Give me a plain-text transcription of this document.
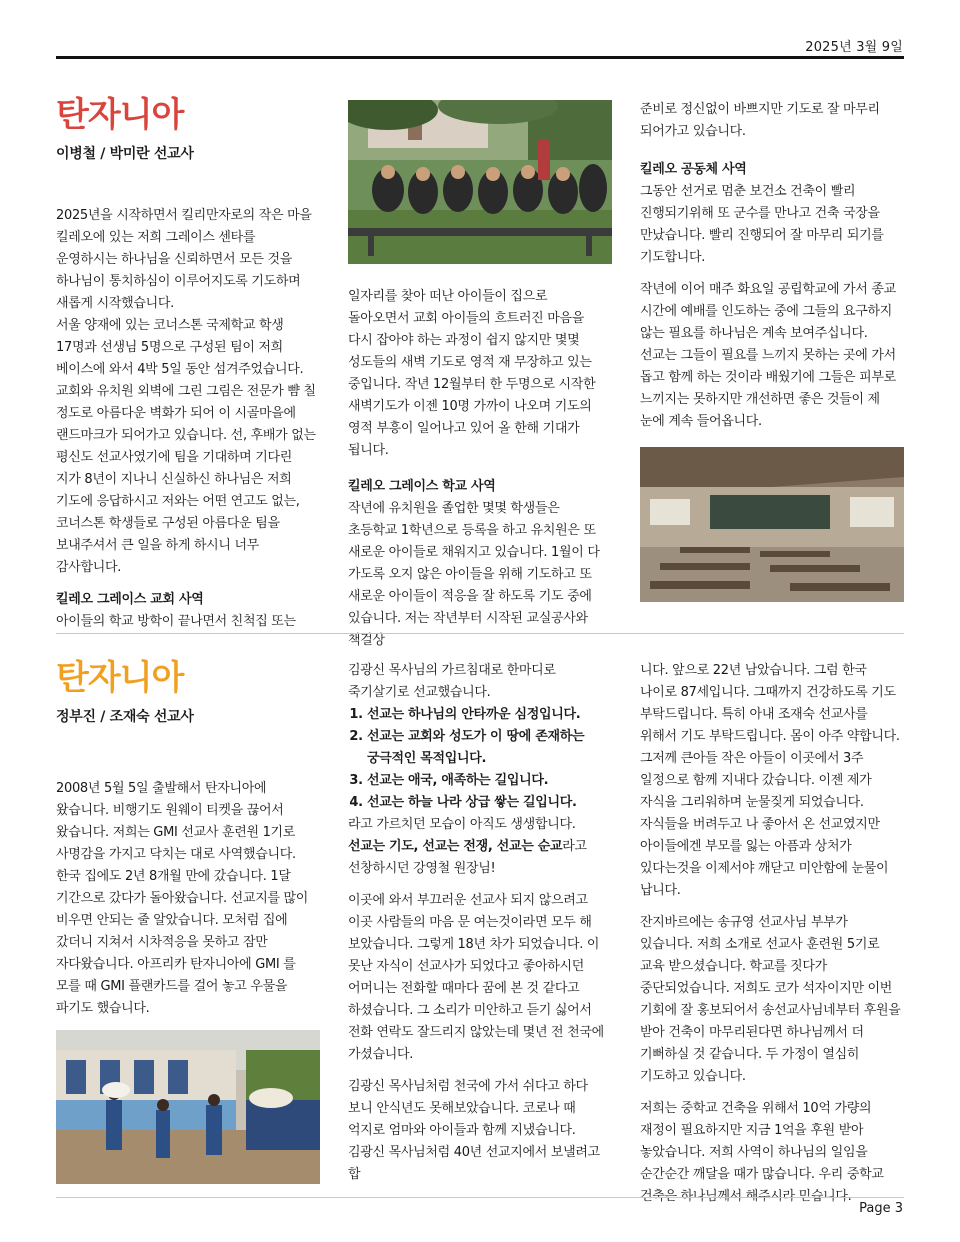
2025년 3월 9일
탄자니아
이병철 / 박미란 선교사

2025년을 시작하면서 킬리만자로의 작은 마을 킬레오에 있는 저희 그레이스 센타를 운영하시는 하나님을 신뢰하면서 모든 것을 하나님이 통치하심이 이루어지도록 기도하며 새롭게 시작했습니다.

서울 양재에 있는 코너스톤 국제학교 학생 17명과 선생님 5명으로 구성된 팀이 저희 베이스에 와서 4박 5일 동안 섬겨주었습니다. 교회와 유치원 외벽에 그린 그림은 전문가 뺨 칠 정도로 아름다운 벽화가 되어 이 시골마을에 랜드마크가 되어가고 있습니다. 선, 후배가 없는 평신도 선교사였기에 팀을 기대하며 기다린 지가 8년이 지나니 신실하신 하나님은 저희 기도에 응답하시고 저와는 어떤 연고도 없는, 코너스톤 학생들로 구성된 아름다운 팀을 보내주셔서 큰 일을 하게 하시니 너무 감사합니다.

킬레오 그레이스 교회 사역

아이들의 학교 방학이 끝나면서 친척집 또는

일자리를 찾아 떠난 아이들이 집으로 돌아오면서 교회 아이들의 흐트러진 마음을 다시 잡아야 하는 과정이 쉽지 않지만 몇몇 성도들의 새벽 기도로 영적 재 무장하고 있는 중입니다. 작년 12월부터 한 두명으로 시작한 새벽기도가 이젠 10명 가까이 나오며 기도의 영적 부흥이 일어나고 있어 올 한해 기대가 됩니다.

킬레오 그레이스 학교 사역

작년에 유치원을 졸업한 몇몇 학생들은 초등학교 1학년으로 등록을 하고 유치원은 또 새로운 아이들로 채워지고 있습니다. 1월이 다 가도록 오지 않은 아이들을 위해 기도하고 또 새로운 아이들이 적응을 잘 하도록 기도 중에 있습니다. 저는 작년부터 시작된 교실공사와 책걸상

준비로 정신없이 바쁘지만 기도로 잘 마무리 되어가고 있습니다.

킬레오 공동체 사역

그동안 선거로 멈춘 보건소 건축이 빨리 진행되기위해 또 군수를 만나고 건축 국장을 만났습니다. 빨리 진행되어 잘 마무리 되기를 기도합니다.

작년에 이어 매주 화요일 공립학교에 가서 종교 시간에 예배를 인도하는 중에 그들의 요구하지 않는 필요를 하나님은 계속 보여주십니다. 선교는 그들이 필요를 느끼지 못하는 곳에 가서 돕고 함께 하는 것이라 배웠기에 그들은 피부로 느끼지는 못하지만 개선하면 좋은 것들이 제 눈에 계속 들어옵니다.

탄자니아
정부진 / 조재숙 선교사

2008년 5월 5일 출발해서 탄자니아에 왔습니다. 비행기도 원웨이 티켓을 끊어서 왔습니다. 저희는 GMI 선교사 훈련원 1기로 사명감을 가지고 닥치는 대로 사역했습니다. 한국 집에도 2년 8개월 만에 갔습니다. 1달 기간으로 갔다가 돌아왔습니다. 선교지를 많이 비우면 안되는 줄 알았습니다. 모처럼 집에 갔더니 지쳐서 시차적응을 못하고 잠만 자다왔습니다. 아프리카 탄자니아에 GMI 를 모를 때 GMI 플랜카드를 걸어 놓고 우물을 파기도 했습니다.

김광신 목사님의 가르침대로 한마디로 죽기살기로 선교했습니다.

1. 선교는 하나님의 안타까운 심정입니다.
2. 선교는 교회와 성도가 이 땅에 존재하는 궁극적인 목적입니다.
3. 선교는 애국, 애족하는 길입니다.
4. 선교는 하늘 나라 상급 쌓는 길입니다.

라고 가르치던 모습이 아직도 생생합니다.

선교는 기도, 선교는 전쟁, 선교는 순교라고 선창하시던 강영철 원장님!

이곳에 와서 부끄러운 선교사 되지 않으려고 이곳 사람들의 마음 문 여는것이라면 모두 해 보았습니다. 그렇게 18년 차가 되었습니다. 이 못난 자식이 선교사가 되었다고 좋아하시던 어머니는 전화할 때마다 꿈에 본 것 같다고 하셨습니다. 그 소리가 미안하고 듣기 싫어서 전화 연락도 잘드리지 않았는데 몇년 전 천국에 가셨습니다.

김광신 목사님처럼 천국에 가서 쉬다고 하다 보니 안식년도 못해보았습니다. 코로나 때 억지로 엄마와 아이들과 함께 지냈습니다. 김광신 목사님처럼 40년 선교지에서 보낼려고 합

니다. 앞으로 22년 남았습니다. 그럼 한국 나이로 87세입니다. 그때까지 건강하도록 기도 부탁드립니다. 특히 아내 조재숙 선교사를 위해서 기도 부탁드립니다. 몸이 아주 약합니다. 그저께 큰아들 작은 아들이 이곳에서 3주 일정으로 함께 지내다 갔습니다. 이젠 제가 자식을 그리워하며 눈물짖게 되었습니다. 자식들을 버려두고 나 좋아서 온 선교였지만 아이들에겐 부모를 잃는 아픔과 상처가 있다는것을 이제서야 깨닫고 미안함에 눈물이 납니다.

잔지바르에는 송규영 선교사님 부부가 있습니다. 저희 소개로 선교사 훈련원 5기로 교육 받으셨습니다. 학교를 짓다가 중단되었습니다. 저희도 코가 석자이지만 이번 기회에 잘 홍보되어서 송선교사님네부터 후원을 받아 건축이 마무리된다면 하나님께서 더 기뻐하실 것 같습니다. 두 가정이 열심히 기도하고 있습니다.

저희는 중학교 건축을 위해서 10억 가량의 재정이 필요하지만 지금 1억을 후원 받아 놓았습니다. 저희 사역이 하나님의 일임을 순간순간 깨달을 때가 많습니다. 우리 중학교 건축은 하나님께서 해주시라 믿습니다.

Page 3
